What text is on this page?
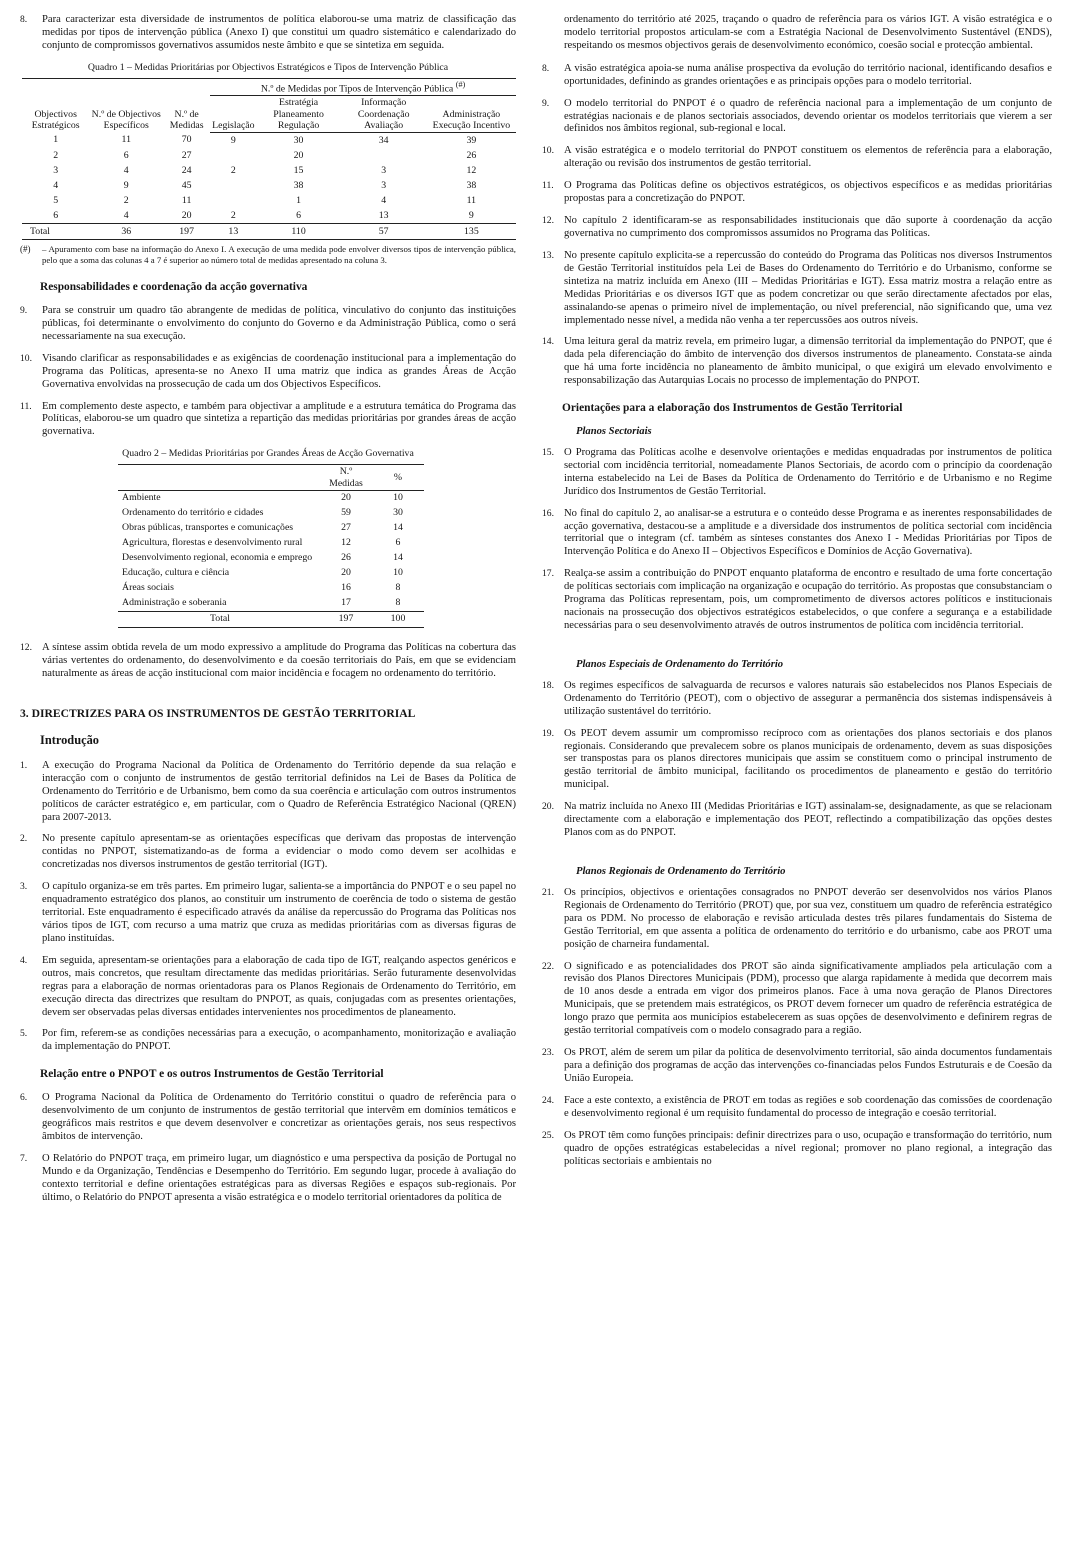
8.	Para caracterizar esta diversidade de instrumentos de política elaborou-se uma matriz de classificação das medidas por tipos de intervenção pública (Anexo I) que constitui um quadro sistemático e calendarizado do conjunto de compromissos governativos assumidos neste âmbito e que se sintetiza em seguida.
Quadro 1 – Medidas Prioritárias por Objectivos Estratégicos e Tipos de Intervenção Pública
Objectivos Estratégicos	N.º de Objectivos Específicos	N.º de Medidas	N.º de Medidas por Tipos de Intervenção Pública (#)
			Legislação	Estratégia Planeamento Regulação	Informação Coordenação Avaliação	Administração Execução Incentivo
1	11	70	9	30	34	39
2	6	27		20		26
3	4	24	2	15	3	12
4	9	45		38	3	38
5	2	11		1	4	11
6	4	20	2	6	13	9
Total	36	197	13	110	57	135
(#)	– Apuramento com base na informação do Anexo I. A execução de uma medida pode envolver diversos tipos de intervenção pública, pelo que a soma das colunas 4 a 7 é superior ao número total de medidas apresentado na coluna 3.
Responsabilidades e coordenação da acção governativa
9.	Para se construir um quadro tão abrangente de medidas de política, vinculativo do conjunto das instituições públicas, foi determinante o envolvimento do conjunto do Governo e da Administração Pública, como o será necessariamente na sua execução.
10. Visando clarificar as responsabilidades e as exigências de coordenação institucional para a implementação do Programa das Políticas, apresenta-se no Anexo II uma matriz que indica as grandes Áreas de Acção Governativa envolvidas na prossecução de cada um dos Objectivos Específicos.
11. Em complemento deste aspecto, e também para objectivar a amplitude e a estrutura temática do Programa das Políticas, elaborou-se um quadro que sintetiza a repartição das medidas prioritárias por grandes áreas de acção governativa.
Quadro 2 – Medidas Prioritárias por Grandes Áreas de Acção Governativa
	N.º Medidas	%
Ambiente	20	10
Ordenamento do território e cidades	59	30
Obras públicas, transportes e comunicações	27	14
Agricultura, florestas e desenvolvimento rural	12	6
Desenvolvimento regional, economia e emprego	26	14
Educação, cultura e ciência	20	10
Áreas sociais	16	8
Administração e soberania	17	8
Total	197	100
12. A síntese assim obtida revela de um modo expressivo a amplitude do Programa das Políticas na cobertura das várias vertentes do ordenamento, do desenvolvimento e da coesão territoriais do País, em que se evidenciam naturalmente as áreas de acção institucional com maior incidência e focagem no ordenamento do território.
3. DIRECTRIZES PARA OS INSTRUMENTOS DE GESTÃO TERRITORIAL
Introdução
1.	A execução do Programa Nacional da Política de Ordenamento do Território depende da sua relação e interacção com o conjunto de instrumentos de gestão territorial definidos na Lei de Bases da Política de Ordenamento do Território e de Urbanismo, bem como da sua coerência e articulação com outros instrumentos políticos de carácter estratégico e, em particular, com o Quadro de Referência Estratégico Nacional (QREN) para 2007-2013.
2.	No presente capítulo apresentam-se as orientações específicas que derivam das propostas de intervenção contidas no PNPOT, sistematizando-as de forma a evidenciar o modo como devem ser acolhidas e concretizadas nos diversos instrumentos de gestão territorial (IGT).
3.	O capítulo organiza-se em três partes. Em primeiro lugar, salienta-se a importância do PNPOT e o seu papel no enquadramento estratégico dos planos, ao constituir um instrumento de coerência de todo o sistema de gestão territorial. Este enquadramento é especificado através da análise da repercussão do Programa das Políticas nos vários tipos de IGT, com recurso a uma matriz que cruza as medidas prioritárias com as diversas figuras de plano instituídas.
4.	Em seguida, apresentam-se orientações para a elaboração de cada tipo de IGT, realçando aspectos genéricos e outros, mais concretos, que resultam directamente das medidas prioritárias. Serão futuramente desenvolvidas regras para a elaboração de normas orientadoras para os Planos Regionais de Ordenamento do Território, em execução directa das directrizes que resultam do PNPOT, as quais, conjugadas com as presentes orientações, devem ser observadas pelas diversas entidades intervenientes nos procedimentos de planeamento.
5.	Por fim, referem-se as condições necessárias para a execução, o acompanhamento, monitorização e avaliação da implementação do PNPOT.
Relação entre o PNPOT e os outros Instrumentos de Gestão Territorial
6.	O Programa Nacional da Política de Ordenamento do Território constitui o quadro de referência para o desenvolvimento de um conjunto de instrumentos de gestão territorial que intervêm em domínios temáticos e geográficos mais restritos e que devem desenvolver e concretizar as orientações gerais, nos seus respectivos âmbitos de intervenção.
7.	O Relatório do PNPOT traça, em primeiro lugar, um diagnóstico e uma perspectiva da posição de Portugal no Mundo e da Organização, Tendências e Desempenho do Território. Em segundo lugar, procede à avaliação do contexto territorial e define orientações estratégicas para as diversas Regiões e espaços sub-regionais. Por último, o Relatório do PNPOT apresenta a visão estratégica e o modelo territorial orientadores da política de
ordenamento do território até 2025, traçando o quadro de referência para os vários IGT. A visão estratégica e o modelo territorial propostos articulam-se com a Estratégia Nacional de Desenvolvimento Sustentável (ENDS), respeitando os mesmos objectivos gerais de desenvolvimento económico, coesão social e protecção ambiental.
8.	A visão estratégica apoia-se numa análise prospectiva da evolução do território nacional, identificando desafios e oportunidades, definindo as grandes orientações e as principais opções para o modelo territorial.
9.	O modelo territorial do PNPOT é o quadro de referência nacional para a implementação de um conjunto de estratégias nacionais e de planos sectoriais associados, devendo orientar os modelos territoriais que vierem a ser definidos nos âmbitos regional, sub-regional e local.
10. A visão estratégica e o modelo territorial do PNPOT constituem os elementos de referência para a elaboração, alteração ou revisão dos instrumentos de gestão territorial.
11. O Programa das Políticas define os objectivos estratégicos, os objectivos específicos e as medidas prioritárias propostas para a concretização do PNPOT.
12. No capítulo 2 identificaram-se as responsabilidades institucionais que dão suporte à coordenação da acção governativa no cumprimento dos compromissos assumidos no Programa das Políticas.
13. No presente capítulo explicita-se a repercussão do conteúdo do Programa das Políticas nos diversos Instrumentos de Gestão Territorial instituídos pela Lei de Bases do Ordenamento do Território e do Urbanismo, conforme se sintetiza na matriz incluída em Anexo (III – Medidas Prioritárias e IGT). Essa matriz mostra a relação entre as Medidas Prioritárias e os diversos IGT que as podem concretizar ou que serão directamente afectados por elas, assinalando-se apenas o primeiro nível de implementação, ou nível preferencial, não significando que, uma vez implementado nesse nível, a medida não venha a ter repercussões aos outros níveis.
14. Uma leitura geral da matriz revela, em primeiro lugar, a dimensão territorial da implementação do PNPOT, que é dada pela diferenciação do âmbito de intervenção dos diversos instrumentos de planeamento. Constata-se ainda que há uma forte incidência no planeamento de âmbito municipal, o que exigirá um elevado envolvimento e responsabilização das Autarquias Locais no processo de implementação do PNPOT.
Orientações para a elaboração dos Instrumentos de Gestão Territorial
Planos Sectoriais
15. O Programa das Políticas acolhe e desenvolve orientações e medidas enquadradas por instrumentos de política sectorial com incidência territorial, nomeadamente Planos Sectoriais, de acordo com o princípio da coordenação interna estabelecido na Lei de Bases da Política de Ordenamento do Território e de Urbanismo e no Regime Jurídico dos Instrumentos de Gestão Territorial.
16. No final do capítulo 2, ao analisar-se a estrutura e o conteúdo desse Programa e as inerentes responsabilidades de acção governativa, destacou-se a amplitude e a diversidade dos instrumentos de política sectorial com incidência territorial que o integram (cf. também as sínteses constantes dos Anexo I - Medidas Prioritárias por Tipos de Intervenção Política e do Anexo II – Objectivos Específicos e Domínios de Acção Governativa).
17. Realça-se assim a contribuição do PNPOT enquanto plataforma de encontro e resultado de uma forte concertação de políticas sectoriais com implicação na organização e ocupação do território. As propostas que consubstanciam o Programa das Políticas representam, pois, um comprometimento de diversos actores políticos e institucionais nacionais na prossecução dos objectivos estratégicos estabelecidos, o que confere a segurança e a estabilidade necessárias para o seu desenvolvimento através de outros instrumentos de política com incidência territorial.
Planos Especiais de Ordenamento do Território
18. Os regimes específicos de salvaguarda de recursos e valores naturais são estabelecidos nos Planos Especiais de Ordenamento do Território (PEOT), com o objectivo de assegurar a permanência dos sistemas indispensáveis à utilização sustentável do território.
19. Os PEOT devem assumir um compromisso recíproco com as orientações dos planos sectoriais e dos planos regionais. Considerando que prevalecem sobre os planos municipais de ordenamento, devem as suas disposições ser transpostas para os planos directores municipais que assim se constituem como o principal instrumento de gestão territorial de âmbito municipal, facilitando os procedimentos de planeamento e gestão do território municipal.
20. Na matriz incluída no Anexo III (Medidas Prioritárias e IGT) assinalam-se, designadamente, as que se relacionam directamente com a elaboração e implementação dos PEOT, reflectindo a compatibilização das opções destes Planos com as do PNPOT.
Planos Regionais de Ordenamento do Território
21. Os princípios, objectivos e orientações consagrados no PNPOT deverão ser desenvolvidos nos vários Planos Regionais de Ordenamento do Território (PROT) que, por sua vez, constituem um quadro de referência estratégico para os PDM. No processo de elaboração e revisão articulada destes três pilares fundamentais do Sistema de Gestão Territorial, em que assenta a política de ordenamento do território e do urbanismo, cabe aos PROT uma posição de charneira fundamental.
22. O significado e as potencialidades dos PROT são ainda significativamente ampliados pela articulação com a revisão dos Planos Directores Municipais (PDM), processo que alarga rapidamente à medida que decorrem mais de 10 anos desde a entrada em vigor dos primeiros planos. Face à uma nova geração de Planos Directores Municipais, que se pretendem mais estratégicos, os PROT devem fornecer um quadro de referência estratégica de longo prazo que permita aos municípios estabelecerem as suas opções de desenvolvimento e definirem regras de gestão territorial compatíveis com o modelo consagrado para a região.
23. Os PROT, além de serem um pilar da política de desenvolvimento territorial, são ainda documentos fundamentais para a definição dos programas de acção das intervenções co-financiadas pelos Fundos Estruturais e de Coesão da União Europeia.
24. Face a este contexto, a existência de PROT em todas as regiões e sob coordenação das comissões de coordenação e desenvolvimento regional é um requisito fundamental do processo de integração e coesão territorial.
25. Os PROT têm como funções principais: definir directrizes para o uso, ocupação e transformação do território, num quadro de opções estratégicas estabelecidas a nível regional; promover no plano regional, a integração das políticas sectoriais e ambientais no
